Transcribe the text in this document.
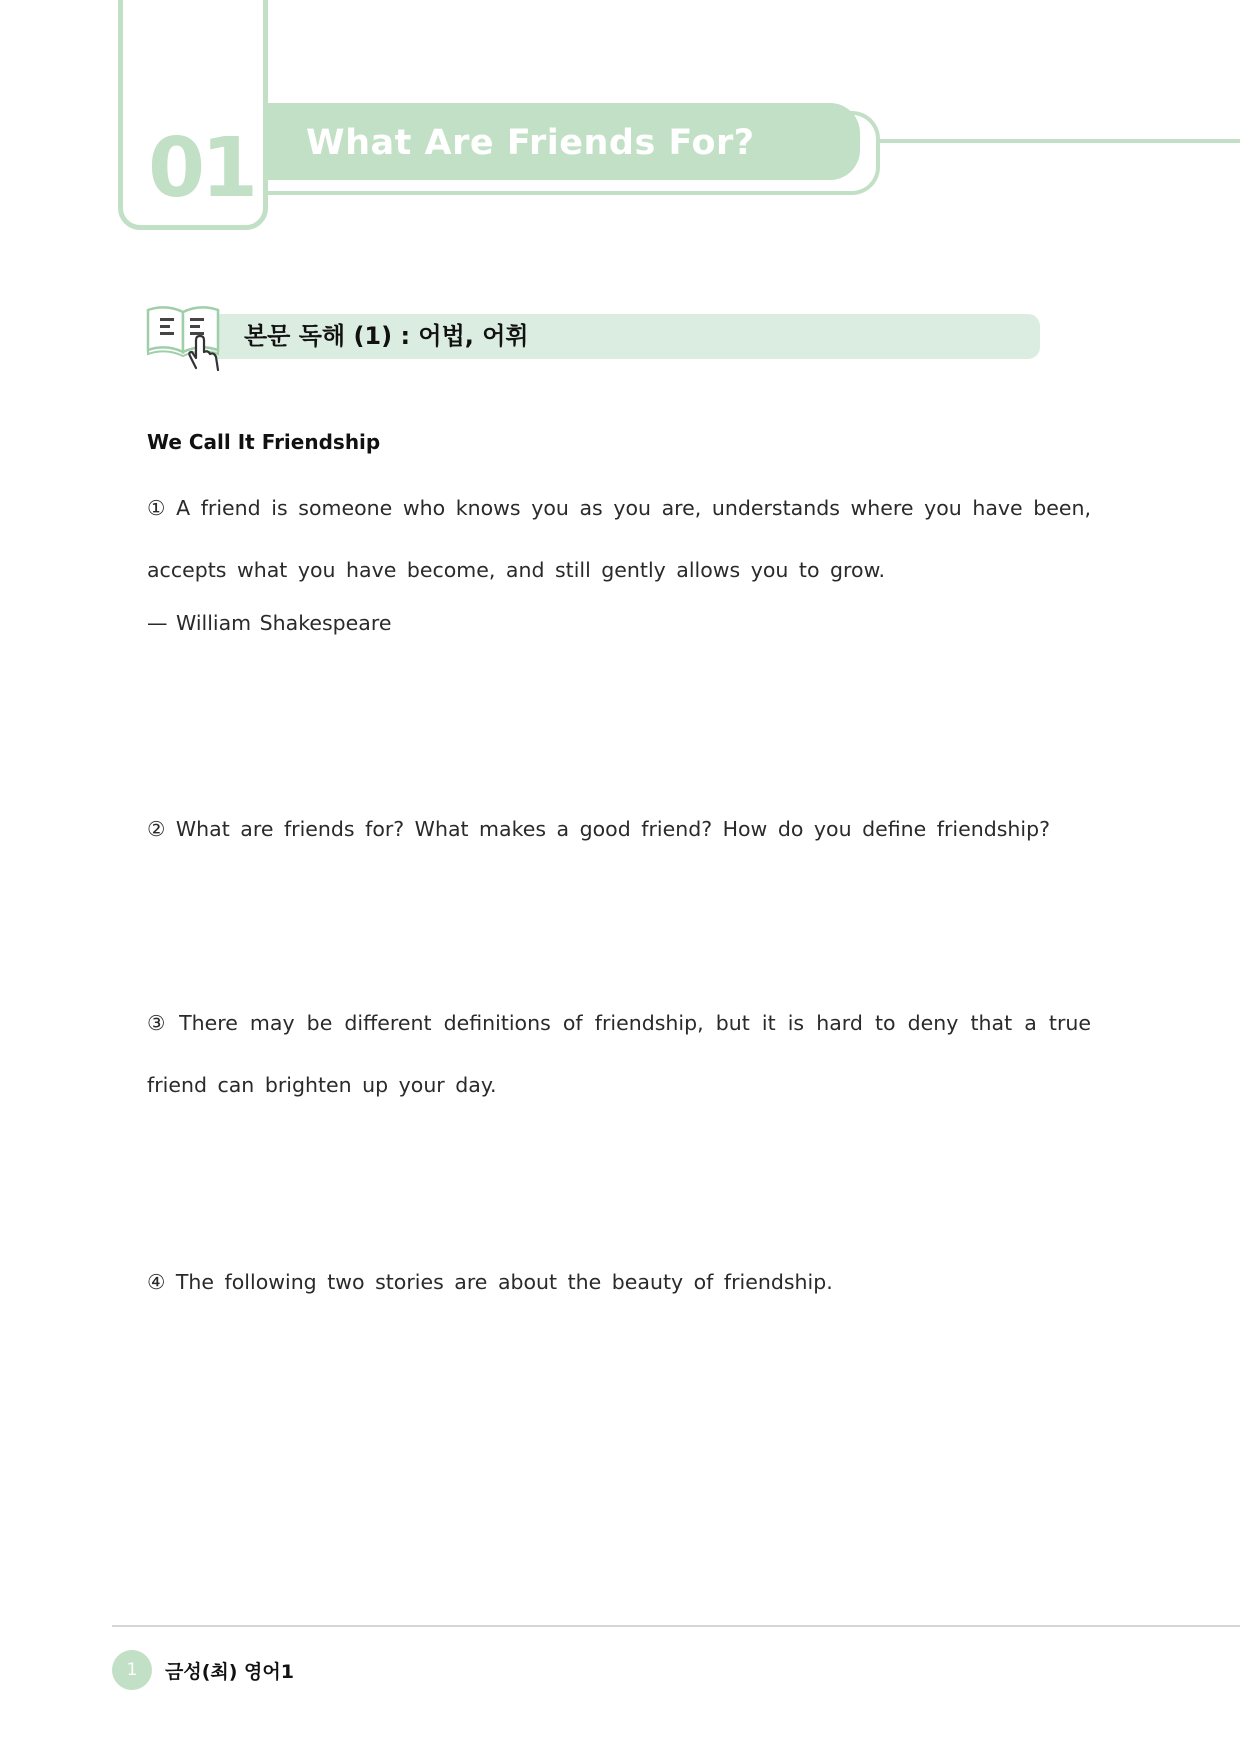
01 What Are Friends For?
본문 독해 (1) : 어법, 어휘
We Call It Friendship
① A friend is someone who knows you as you are, understands where you have been, accepts what you have become, and still gently allows you to grow.
— William Shakespeare
② What are friends for? What makes a good friend? How do you define friendship?
③ There may be different definitions of friendship, but it is hard to deny that a true friend can brighten up your day.
④ The following two stories are about the beauty of friendship.
1	금성(최) 영어1
